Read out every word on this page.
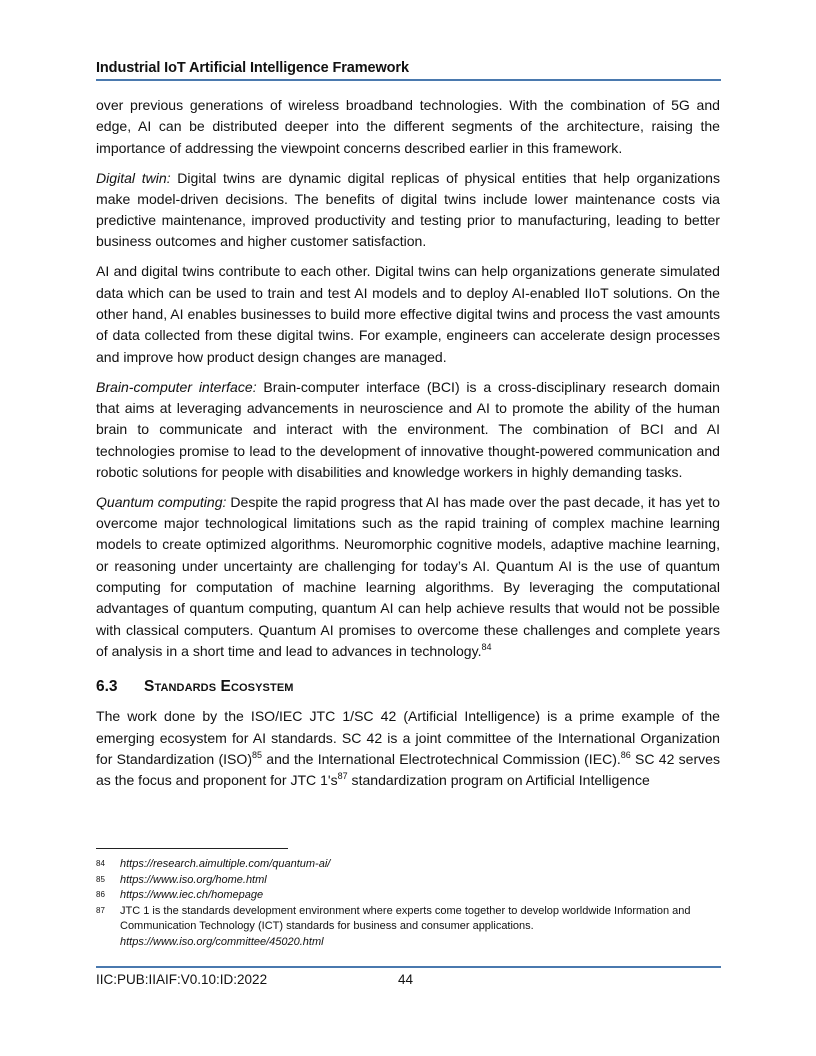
Industrial IoT Artificial Intelligence Framework

over previous generations of wireless broadband technologies. With the combination of 5G and edge, AI can be distributed deeper into the different segments of the architecture, raising the importance of addressing the viewpoint concerns described earlier in this framework.

Digital twin: Digital twins are dynamic digital replicas of physical entities that help organizations make model-driven decisions. The benefits of digital twins include lower maintenance costs via predictive maintenance, improved productivity and testing prior to manufacturing, leading to better business outcomes and higher customer satisfaction.

AI and digital twins contribute to each other. Digital twins can help organizations generate simulated data which can be used to train and test AI models and to deploy AI-enabled IIoT solutions. On the other hand, AI enables businesses to build more effective digital twins and process the vast amounts of data collected from these digital twins. For example, engineers can accelerate design processes and improve how product design changes are managed.

Brain-computer interface: Brain-computer interface (BCI) is a cross-disciplinary research domain that aims at leveraging advancements in neuroscience and AI to promote the ability of the human brain to communicate and interact with the environment. The combination of BCI and AI technologies promise to lead to the development of innovative thought-powered communication and robotic solutions for people with disabilities and knowledge workers in highly demanding tasks.

Quantum computing: Despite the rapid progress that AI has made over the past decade, it has yet to overcome major technological limitations such as the rapid training of complex machine learning models to create optimized algorithms. Neuromorphic cognitive models, adaptive machine learning, or reasoning under uncertainty are challenging for today’s AI. Quantum AI is the use of quantum computing for computation of machine learning algorithms. By leveraging the computational advantages of quantum computing, quantum AI can help achieve results that would not be possible with classical computers. Quantum AI promises to overcome these challenges and complete years of analysis in a short time and lead to advances in technology.$^{84}$

6.3	Standards Ecosystem

The work done by the ISO/IEC JTC 1/SC 42 (Artificial Intelligence) is a prime example of the emerging ecosystem for AI standards. SC 42 is a joint committee of the International Organization for Standardization (ISO)$^{85}$ and the International Electrotechnical Commission (IEC).$^{86}$ SC 42 serves as the focus and proponent for JTC $1's^{87}$ standardization program on Artificial Intelligence

84	https://research.aimultiple.com/quantum-ai/
85	https://www.iso.org/home.html
86	https://www.iec.ch/homepage
87	JTC 1 is the standards development environment where experts come together to develop worldwide Information and Communication Technology (ICT) standards for business and consumer applications.
https://www.iso.org/committee/45020.html
IIC:PUB:IIAIF:V0.10:ID:2022	44
